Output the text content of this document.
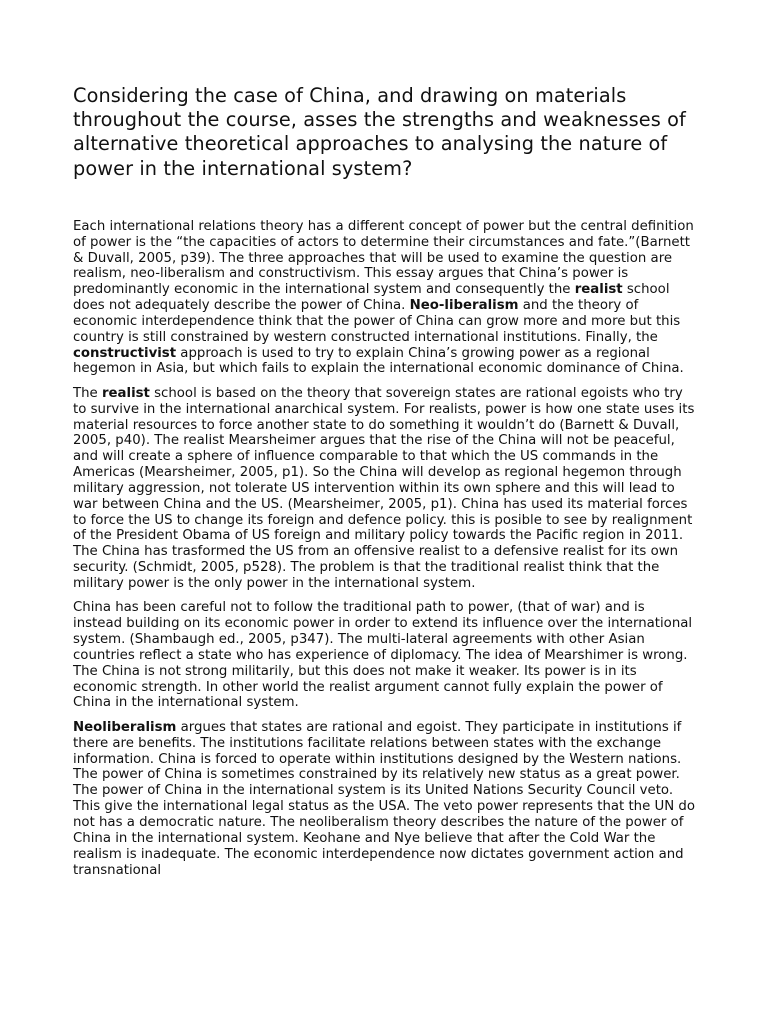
Considering the case of China, and drawing on materials throughout the course, asses the strengths and weaknesses of alternative theoretical approaches to analysing the nature of power in the international system?

Each international relations theory has a different concept of power but the central definition of power is the “the capacities of actors to determine their circumstances and fate.”(Barnett & Duvall, 2005, p39). The three approaches that will be used to examine the question are realism, neo-liberalism and constructivism. This essay argues that China’s power is predominantly economic in the international system and consequently the realist school does not adequately describe the power of China. Neo-liberalism and the theory of economic interdependence think that the power of China can grow more and more but this country is still constrained by western constructed international institutions. Finally, the constructivist approach is used to try to explain China’s growing power as a regional hegemon in Asia, but which fails to explain the international economic dominance of China.

The realist school is based on the theory that sovereign states are rational egoists who try to survive in the international anarchical system. For realists, power is how one state uses its material resources to force another state to do something it wouldn’t do (Barnett & Duvall, 2005, p40). The realist Mearsheimer argues that the rise of the China will not be peaceful, and will create a sphere of influence comparable to that which the US commands in the Americas (Mearsheimer, 2005, p1). So the China will develop as regional hegemon through military aggression, not tolerate US intervention within its own sphere and this will lead to war between China and the US. (Mearsheimer, 2005, p1). China has used its material forces to force the US to change its foreign and defence policy. this is posible to see by realignment of the President Obama of US foreign and military policy towards the Pacific region in 2011. The China has trasformed the US from an offensive realist to a defensive realist for its own security. (Schmidt, 2005, p528). The problem is that the traditional realist think that the military power is the only power in the international system.

China has been careful not to follow the traditional path to power, (that of war) and is instead building on its economic power in order to extend its influence over the international system. (Shambaugh ed., 2005, p347). The multi-lateral agreements with other Asian countries reflect a state who has experience of diplomacy. The idea of Mearshimer is wrong. The China is not strong militarily, but this does not make it weaker. Its power is in its economic strength. In other world the realist argument cannot fully explain the power of China in the international system.

Neoliberalism argues that states are rational and egoist. They participate in institutions if there are benefits. The institutions facilitate relations between states with the exchange information. China is forced to operate within institutions designed by the Western nations. The power of China is sometimes constrained by its relatively new status as a great power. The power of China in the international system is its United Nations Security Council veto. This give the international legal status as the USA. The veto power represents that the UN do not has a democratic nature. The neoliberalism theory describes the nature of the power of China in the international system. Keohane and Nye believe that after the Cold War the realism is inadequate. The economic interdependence now dictates government action and transnational
